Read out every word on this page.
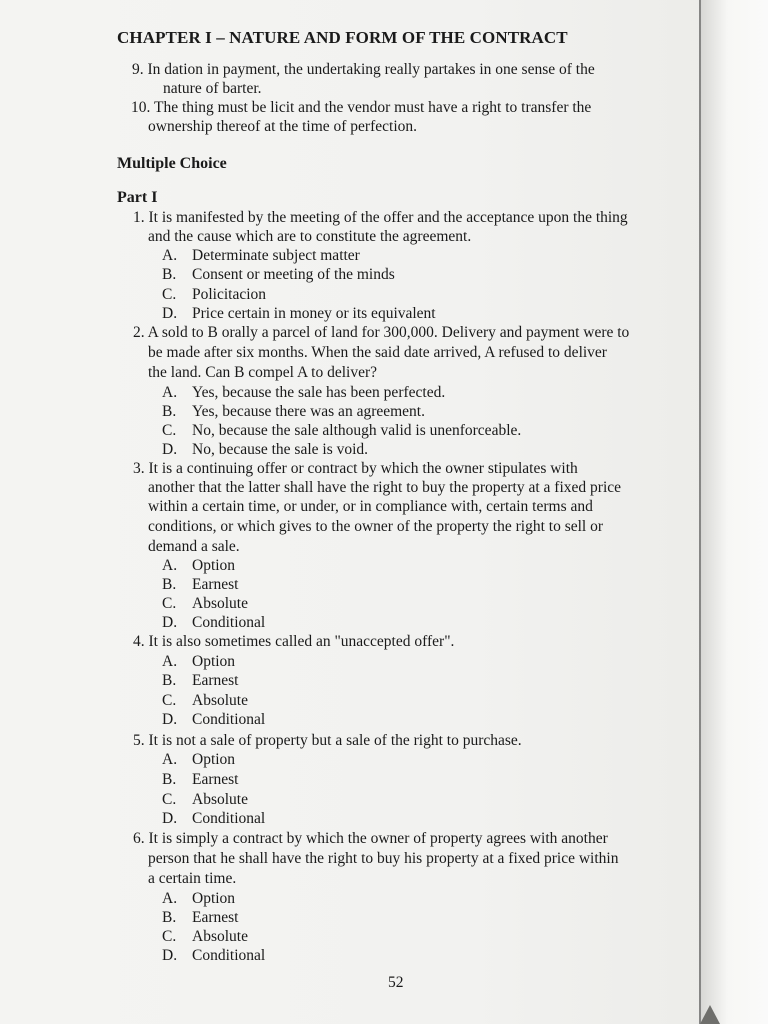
CHAPTER I – NATURE AND FORM OF THE CONTRACT
9. In dation in payment, the undertaking really partakes in one sense of the
nature of barter.
10. The thing must be licit and the vendor must have a right to transfer the
ownership thereof at the time of perfection.
Multiple Choice
Part I
1. It is manifested by the meeting of the offer and the acceptance upon the thing
and the cause which are to constitute the agreement.
A. Determinate subject matter
B. Consent or meeting of the minds
C. Policitacion
D. Price certain in money or its equivalent
2. A sold to B orally a parcel of land for 300,000. Delivery and payment were to
be made after six months. When the said date arrived, A refused to deliver
the land. Can B compel A to deliver?
A. Yes, because the sale has been perfected.
B. Yes, because there was an agreement.
C. No, because the sale although valid is unenforceable.
D. No, because the sale is void.
3. It is a continuing offer or contract by which the owner stipulates with
another that the latter shall have the right to buy the property at a fixed price
within a certain time, or under, or in compliance with, certain terms and
conditions, or which gives to the owner of the property the right to sell or
demand a sale.
A. Option
B. Earnest
C. Absolute
D. Conditional
4. It is also sometimes called an "unaccepted offer".
A. Option
B. Earnest
C. Absolute
D. Conditional
5. It is not a sale of property but a sale of the right to purchase.
A. Option
B. Earnest
C. Absolute
D. Conditional
6. It is simply a contract by which the owner of property agrees with another
person that he shall have the right to buy his property at a fixed price within
a certain time.
A. Option
B. Earnest
C. Absolute
D. Conditional
52
